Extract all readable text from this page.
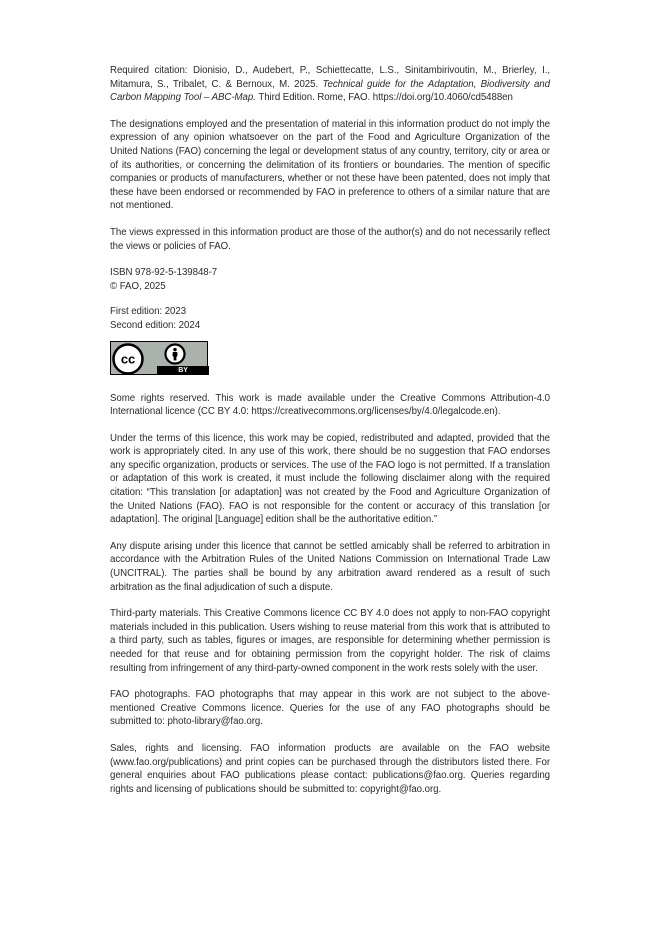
Required citation: Dionisio, D., Audebert, P., Schiettecatte, L.S., Sinitambirivoutin, M., Brierley, I., Mitamura, S., Tribalet, C. & Bernoux, M. 2025. Technical guide for the Adaptation, Biodiversity and Carbon Mapping Tool – ABC-Map. Third Edition. Rome, FAO. https://doi.org/10.4060/cd5488en

The designations employed and the presentation of material in this information product do not imply the expression of any opinion whatsoever on the part of the Food and Agriculture Organization of the United Nations (FAO) concerning the legal or development status of any country, territory, city or area or of its authorities, or concerning the delimitation of its frontiers or boundaries. The mention of specific companies or products of manufacturers, whether or not these have been patented, does not imply that these have been endorsed or recommended by FAO in preference to others of a similar nature that are not mentioned.

The views expressed in this information product are those of the author(s) and do not necessarily reflect the views or policies of FAO.

ISBN 978-92-5-139848-7
© FAO, 2025

First edition: 2023
Second edition: 2024

cc
BY

Some rights reserved. This work is made available under the Creative Commons Attribution-4.0 International licence (CC BY 4.0: https://creativecommons.org/licenses/by/4.0/legalcode.en).

Under the terms of this licence, this work may be copied, redistributed and adapted, provided that the work is appropriately cited. In any use of this work, there should be no suggestion that FAO endorses any specific organization, products or services. The use of the FAO logo is not permitted. If a translation or adaptation of this work is created, it must include the following disclaimer along with the required citation: “This translation [or adaptation] was not created by the Food and Agriculture Organization of the United Nations (FAO). FAO is not responsible for the content or accuracy of this translation [or adaptation]. The original [Language] edition shall be the authoritative edition.”

Any dispute arising under this licence that cannot be settled amicably shall be referred to arbitration in accordance with the Arbitration Rules of the United Nations Commission on International Trade Law (UNCITRAL). The parties shall be bound by any arbitration award rendered as a result of such arbitration as the final adjudication of such a dispute.

Third-party materials. This Creative Commons licence CC BY 4.0 does not apply to non-FAO copyright materials included in this publication. Users wishing to reuse material from this work that is attributed to a third party, such as tables, figures or images, are responsible for determining whether permission is needed for that reuse and for obtaining permission from the copyright holder. The risk of claims resulting from infringement of any third-party-owned component in the work rests solely with the user.

FAO photographs. FAO photographs that may appear in this work are not subject to the above-mentioned Creative Commons licence. Queries for the use of any FAO photographs should be submitted to: photo-library@fao.org.

Sales, rights and licensing. FAO information products are available on the FAO website (www.fao.org/publications) and print copies can be purchased through the distributors listed there. For general enquiries about FAO publications please contact: publications@fao.org. Queries regarding rights and licensing of publications should be submitted to: copyright@fao.org.
